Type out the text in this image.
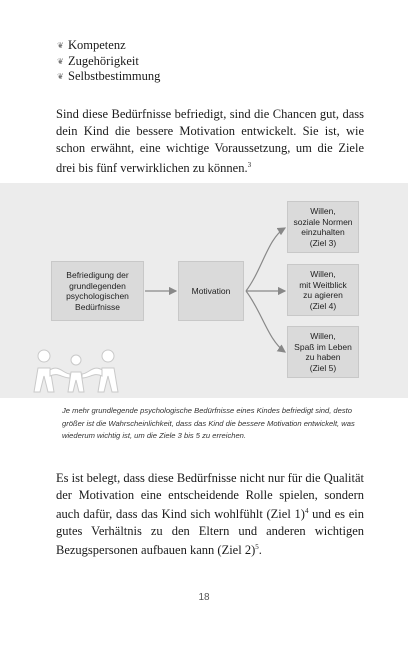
❦ Kompetenz
❦ Zugehörigkeit
❦ Selbstbestimmung

Sind diese Bedürfnisse befriedigt, sind die Chancen gut, dass dein Kind die bessere Motivation entwickelt. Sie ist, wie schon erwähnt, eine wichtige Voraussetzung, um die Ziele drei bis fünf verwirklichen zu können.$^3$

Befriedigung der
grundlegenden
psychologischen
Bedürfnisse
Motivation
Willen,
soziale Normen
einzuhalten
(Ziel 3)
Willen,
mit Weitblick
zu agieren
(Ziel 4)
Willen,
Spaß im Leben
zu haben
(Ziel 5)

Je mehr grundlegende psychologische Bedürfnisse eines Kindes befriedigt sind, desto größer ist die Wahrscheinlichkeit, dass das Kind die bessere Motivation entwickelt, was wiederum wichtig ist, um die Ziele 3 bis 5 zu erreichen.

Es ist belegt, dass diese Bedürfnisse nicht nur für die Qualität der Motivation eine entscheidende Rolle spielen, sondern auch dafür, dass das Kind sich wohlfühlt (Ziel 1)$^4$ und es ein gutes Verhältnis zu den Eltern und anderen wichtigen Bezugspersonen aufbauen kann (Ziel 2)$^5$.

18
